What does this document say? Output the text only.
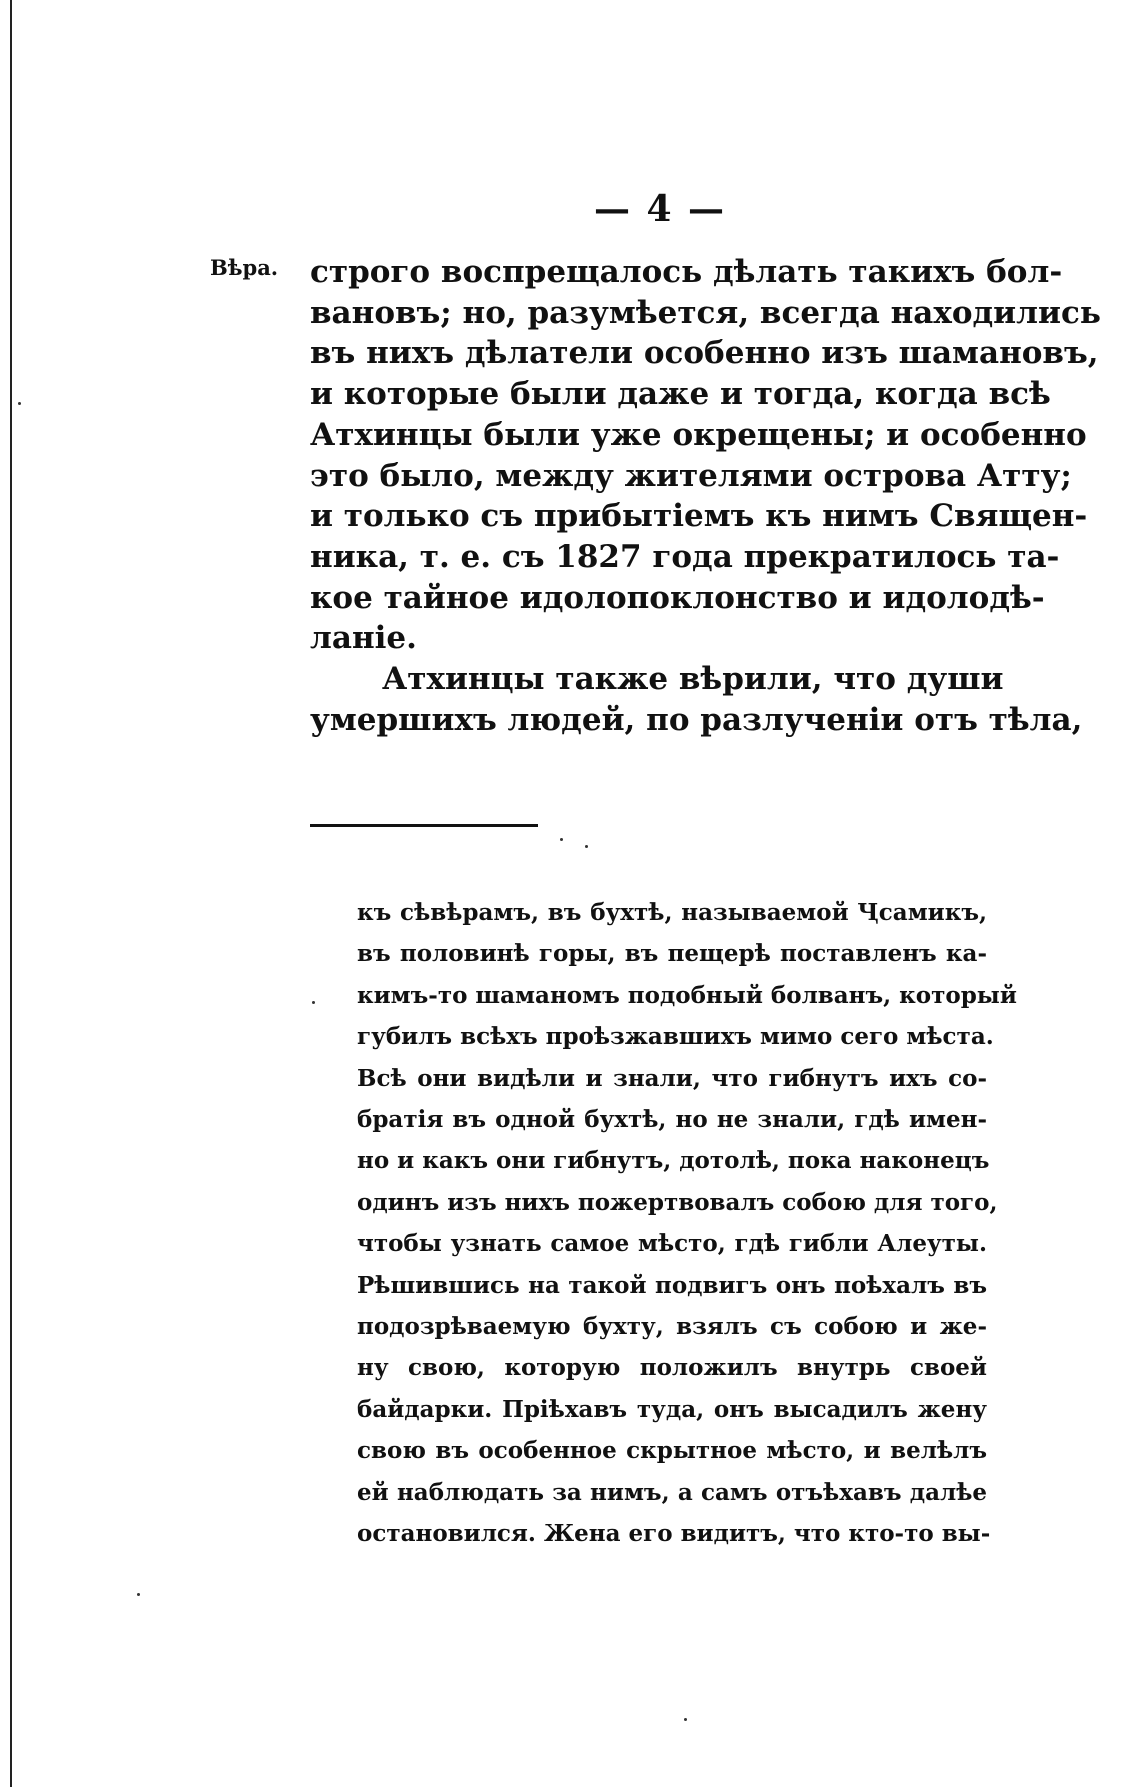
— 4 —
Вѣра. строго воспрещалось дѣлать такихъ бол-
вановъ; но, разумѣется, всегда находились
въ нихъ дѣлатели особенно изъ шамановъ,
и которые были даже и тогда, когда всѣ
Атхинцы были уже окрещены; и особенно
это было, между жителями острова Атту;
и только съ прибытіемъ къ нимъ Священ-
ника, т. е. съ 1827 года прекратилось та-
кое тайное идолопоклонство и идолодѣ-
ланіе.
Атхинцы также вѣрили, что души
умершихъ людей, по разлученіи отъ тѣла,
къ сѣвѣрамъ, въ бухтѣ, называемой Ҷсамикъ,
въ половинѣ горы, въ пещерѣ поставленъ ка-
кимъ-то шаманомъ подобный болванъ, который
губилъ всѣхъ проѣзжавшихъ мимо сего мѣста.
Всѣ они видѣли и знали, что гибнутъ ихъ со-
братія въ одной бухтѣ, но не знали, гдѣ имен-
но и какъ они гибнутъ, дотолѣ, пока наконецъ
одинъ изъ нихъ пожертвовалъ собою для того,
чтобы узнать самое мѣсто, гдѣ гибли Алеуты.
Рѣшившись на такой подвигъ онъ поѣхалъ въ
подозрѣваемую бухту, взялъ съ собою и же-
ну свою, которую положилъ внутрь своей
байдарки. Пріѣхавъ туда, онъ высадилъ жену
свою въ особенное скрытное мѣсто, и велѣлъ
ей наблюдать за нимъ, а самъ отъѣхавъ далѣе
остановился. Жена его видитъ, что кто-то вы-
